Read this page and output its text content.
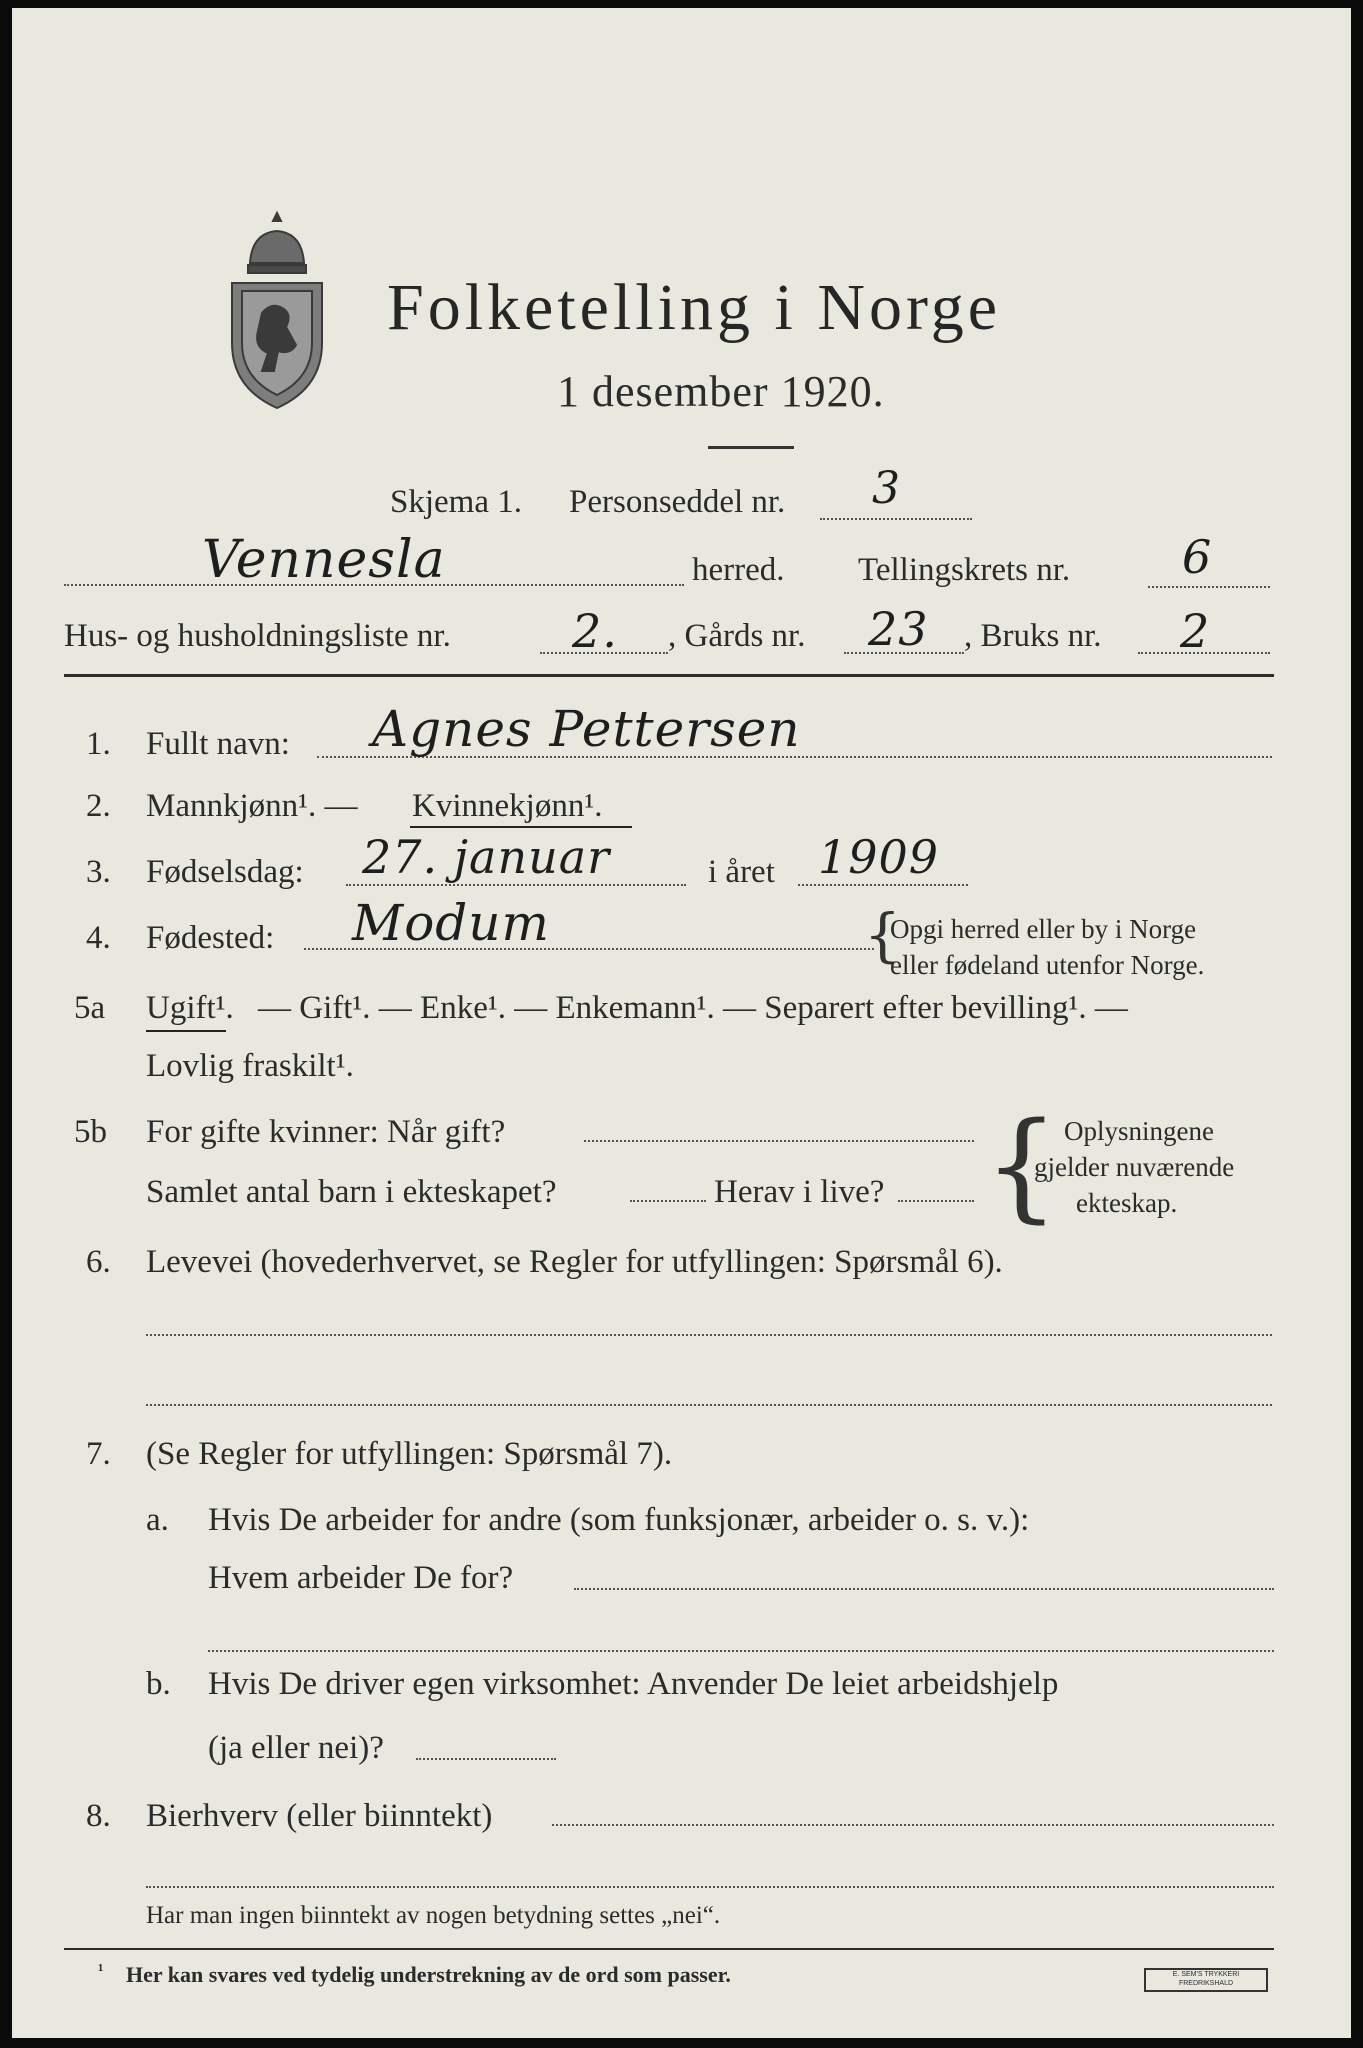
Folketelling i Norge
1 desember 1920.
Skjema 1. Personseddel nr. 3
Vennesla	herred. Tellingskrets nr. 6
Hus- og husholdningsliste nr.	2. , Gårds nr. 23 , Bruks nr. 2
1. Fullt navn: Agnes Pettersen
2. Mannkjønn¹. — Kvinnekjønn¹.
3. Fødselsdag: 27. januar	i året 1909
4. Fødested: Modum	{
Opgi herred eller by i Norge
eller fødeland utenfor Norge.
5a Ugift¹. — Gift¹. — Enke¹. — Enkemann¹. — Separert efter bevilling¹. —
Lovlig fraskilt¹.
5b For gifte kvinner: Når gift?
Samlet antal barn i ekteskapet?	Herav i live? { Oplysningene
gjelder nuværende
ekteskap.
6. Levevei (hovederhvervet, se Regler for utfyllingen: Spørsmål 6).
7. (Se Regler for utfyllingen: Spørsmål 7).
a. Hvis De arbeider for andre (som funksjonær, arbeider o. s. v.):
Hvem arbeider De for?
b. Hvis De driver egen virksomhet: Anvender De leiet arbeidshjelp
(ja eller nei)?
8. Bierhverv (eller biinntekt)
Har man ingen biinntekt av nogen betydning settes „nei“.
¹ Her kan svares ved tydelig understrekning av de ord som passer.	E. SEM'S TRYKKERI FREDRIKSHALD
